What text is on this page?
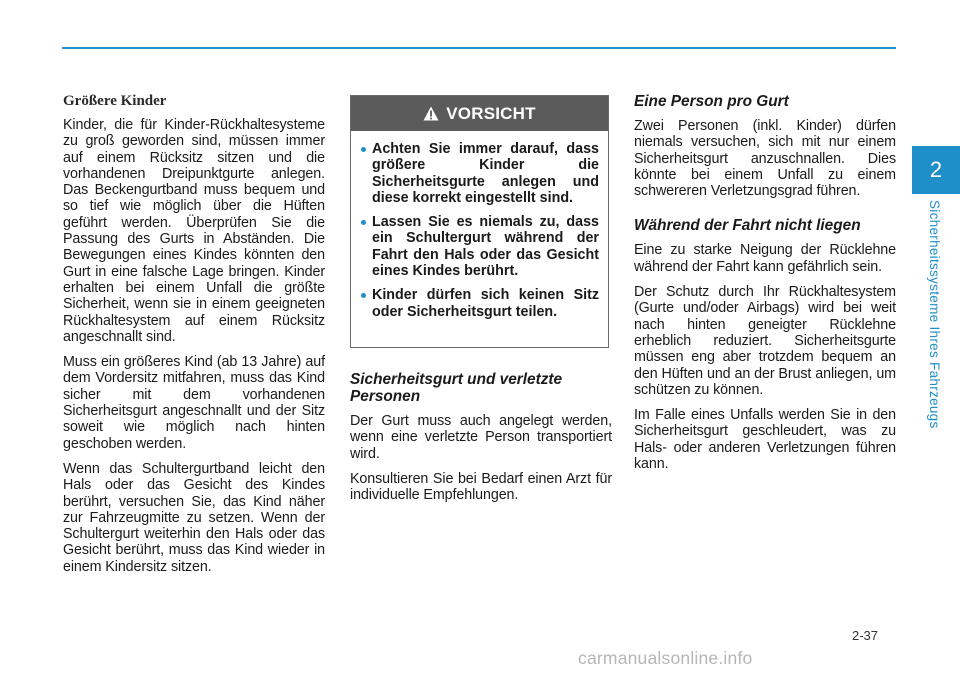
2
Sicherheitssysteme Ihres Fahrzeugs
Größere Kinder

Kinder, die für Kinder-Rückhaltesysteme zu groß geworden sind, müssen immer auf einem Rücksitz sitzen und die vorhandenen Dreipunktgurte anlegen. Das Beckengurtband muss bequem und so tief wie möglich über die Hüften geführt werden. Überprüfen Sie die Passung des Gurts in Abständen. Die Bewegungen eines Kindes könnten den Gurt in eine falsche Lage bringen. Kinder erhalten bei einem Unfall die größte Sicherheit, wenn sie in einem geeigneten Rückhaltesystem auf einem Rücksitz angeschnallt sind.

Muss ein größeres Kind (ab 13 Jahre) auf dem Vordersitz mitfahren, muss das Kind sicher mit dem vorhandenen Sicherheitsgurt angeschnallt und der Sitz soweit wie möglich nach hinten geschoben werden.

Wenn das Schultergurtband leicht den Hals oder das Gesicht des Kindes berührt, versuchen Sie, das Kind näher zur Fahrzeugmitte zu setzen. Wenn der Schultergurt weiterhin den Hals oder das Gesicht berührt, muss das Kind wieder in einem Kindersitz sitzen.

VORSICHT
Achten Sie immer darauf, dass größere Kinder die Sicherheitsgurte anlegen und diese korrekt eingestellt sind.
Lassen Sie es niemals zu, dass ein Schultergurt während der Fahrt den Hals oder das Gesicht eines Kindes berührt.
Kinder dürfen sich keinen Sitz oder Sicherheitsgurt teilen.
Sicherheitsgurt und verletzte Personen

Der Gurt muss auch angelegt werden, wenn eine verletzte Person transportiert wird.

Konsultieren Sie bei Bedarf einen Arzt für individuelle Empfehlungen.

Eine Person pro Gurt

Zwei Personen (inkl. Kinder) dürfen niemals versuchen, sich mit nur einem Sicherheitsgurt anzuschnallen. Dies könnte bei einem Unfall zu einem schwereren Verletzungsgrad führen.

Während der Fahrt nicht liegen

Eine zu starke Neigung der Rücklehne während der Fahrt kann gefährlich sein.

Der Schutz durch Ihr Rückhaltesystem (Gurte und/oder Airbags) wird bei weit nach hinten geneigter Rücklehne erheblich reduziert. Sicherheitsgurte müssen eng aber trotzdem bequem an den Hüften und an der Brust anliegen, um schützen zu können.

Im Falle eines Unfalls werden Sie in den Sicherheitsgurt geschleudert, was zu Hals- oder anderen Verletzungen führen kann.

2-37
carmanualsonline.info
